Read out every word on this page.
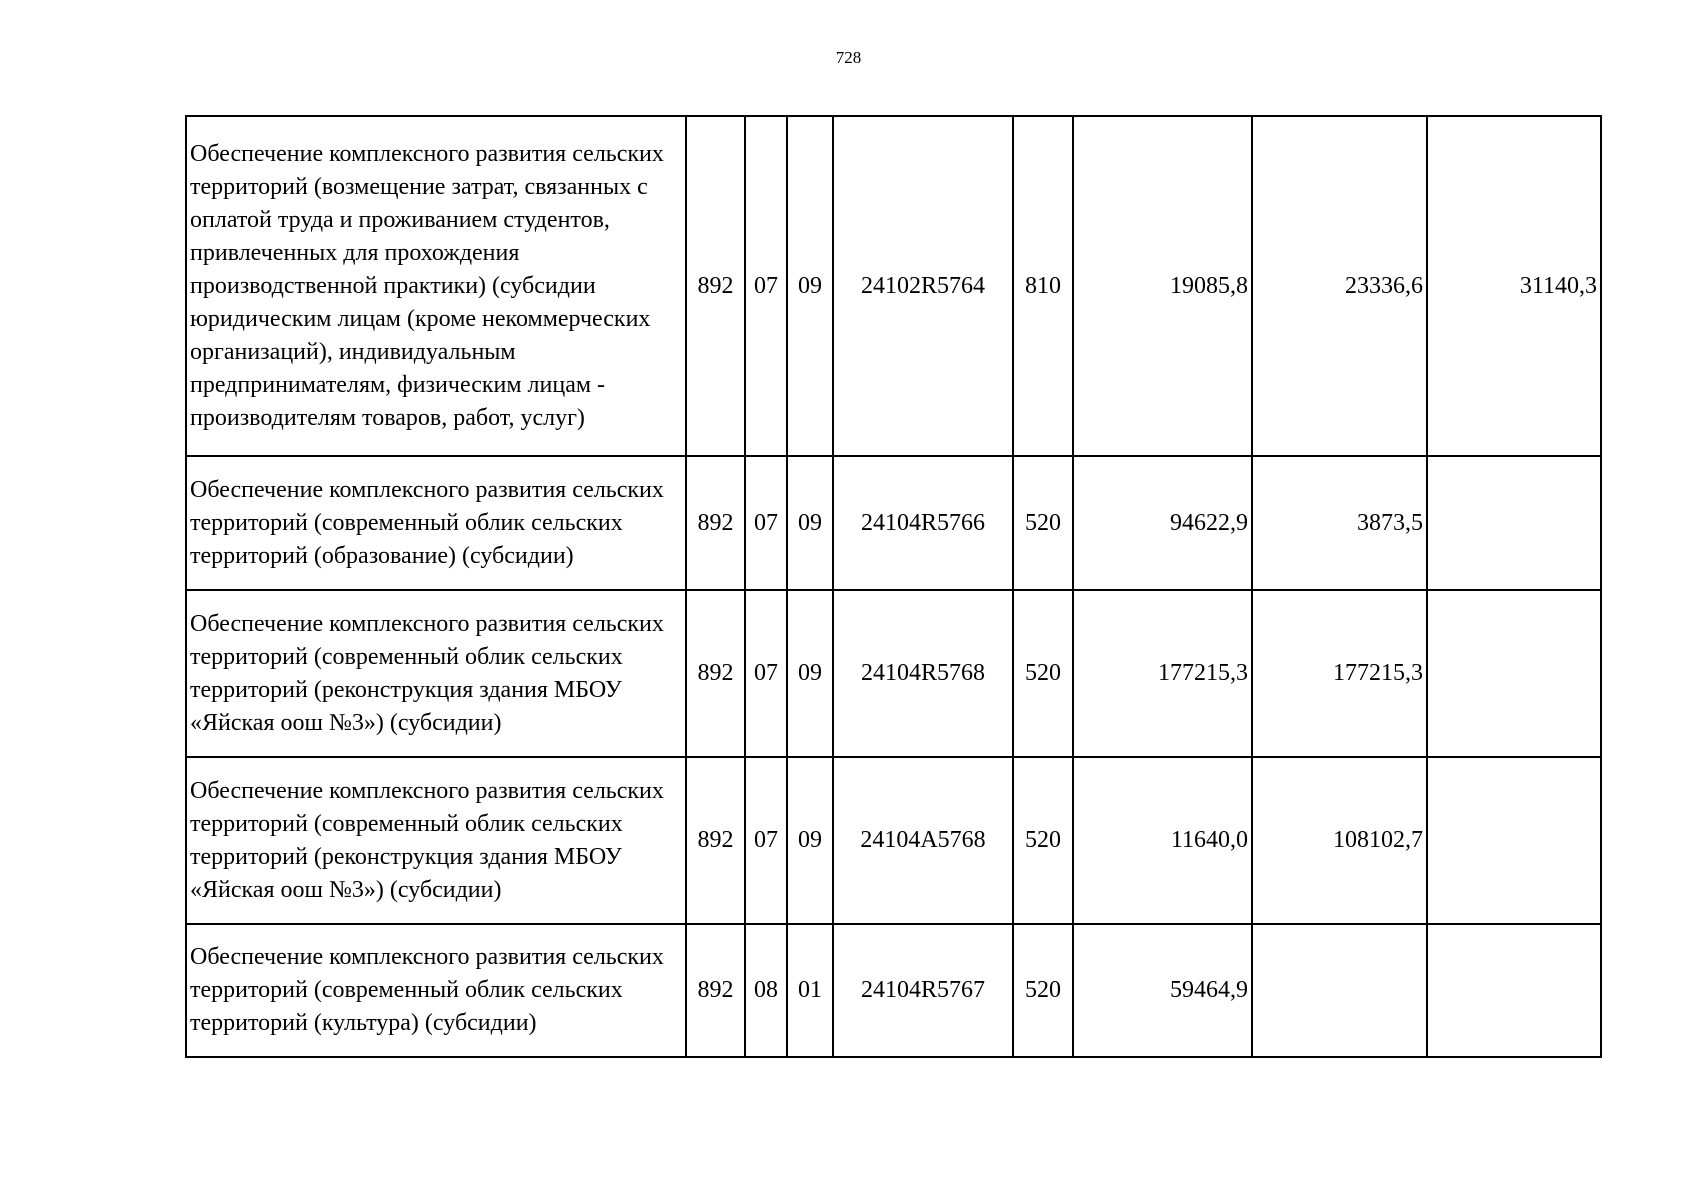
728
Обеспечение комплексного развития сельских территорий (возмещение затрат, связанных с оплатой труда и проживанием студентов, привлеченных для прохождения производственной практики) (субсидии юридическим лицам (кроме некоммерческих организаций), индивидуальным предпринимателям, физическим лицам - производителям товаров, работ, услуг)	892	07	09	24102R5764	810	19085,8	23336,6	31140,3
Обеспечение комплексного развития сельских территорий (современный облик сельских территорий (образование) (субсидии)	892	07	09	24104R5766	520	94622,9	3873,5	
Обеспечение комплексного развития сельских территорий (современный облик сельских территорий (реконструкция здания МБОУ «Яйская оош №3») (субсидии)	892	07	09	24104R5768	520	177215,3	177215,3	
Обеспечение комплексного развития сельских территорий (современный облик сельских территорий (реконструкция здания МБОУ «Яйская оош №3») (субсидии)	892	07	09	24104A5768	520	11640,0	108102,7	
Обеспечение комплексного развития сельских территорий (современный облик сельских территорий (культура) (субсидии)	892	08	01	24104R5767	520	59464,9		
